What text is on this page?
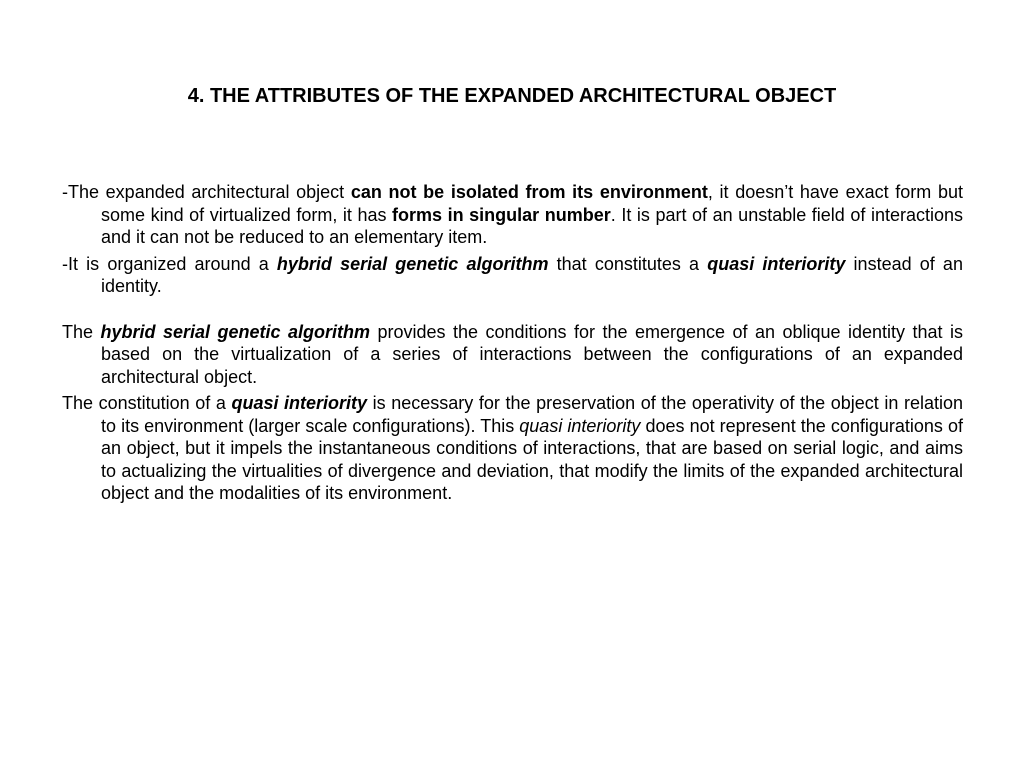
4. THE ATTRIBUTES OF THE EXPANDED ARCHITECTURAL OBJECT

-The expanded architectural object can not be isolated from its environment, it doesn’t have exact form but some kind of virtualized form, it has forms in singular number. It is part of an unstable field of interactions and it can not be reduced to an elementary item.

-It is organized around a hybrid serial genetic algorithm that constitutes a quasi interiority instead of an identity.

The hybrid serial genetic algorithm provides the conditions for the emergence of an oblique identity that is based on the virtualization of a series of interactions between the configurations of an expanded architectural object.

The constitution of a quasi interiority is necessary for the preservation of the operativity of the object in relation to its environment (larger scale configurations). This quasi interiority does not represent the configurations of an object, but it impels the instantaneous conditions of interactions, that are based on serial logic, and aims to actualizing the virtualities of divergence and deviation, that modify the limits of the expanded architectural object and the modalities of its environment.
